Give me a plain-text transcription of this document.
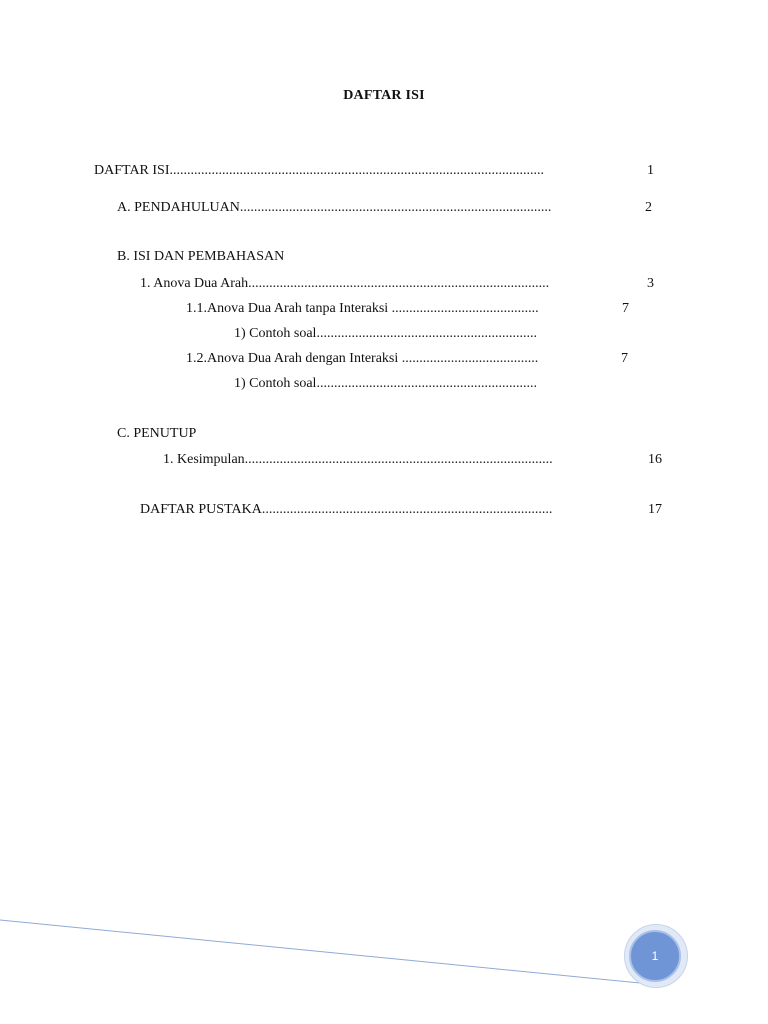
DAFTAR ISI
DAFTAR ISI...........................................................................................................	1
A. PENDAHULUAN.........................................................................................	2
B. ISI DAN PEMBAHASAN
1. Anova Dua Arah......................................................................................	3
1.1.Anova Dua Arah tanpa Interaksi ..........................................	7
1) Contoh soal...............................................................
1.2.Anova Dua Arah dengan Interaksi .......................................	7
1) Contoh soal...............................................................
C. PENUTUP
1. Kesimpulan........................................................................................	16
DAFTAR PUSTAKA...................................................................................	17
1
